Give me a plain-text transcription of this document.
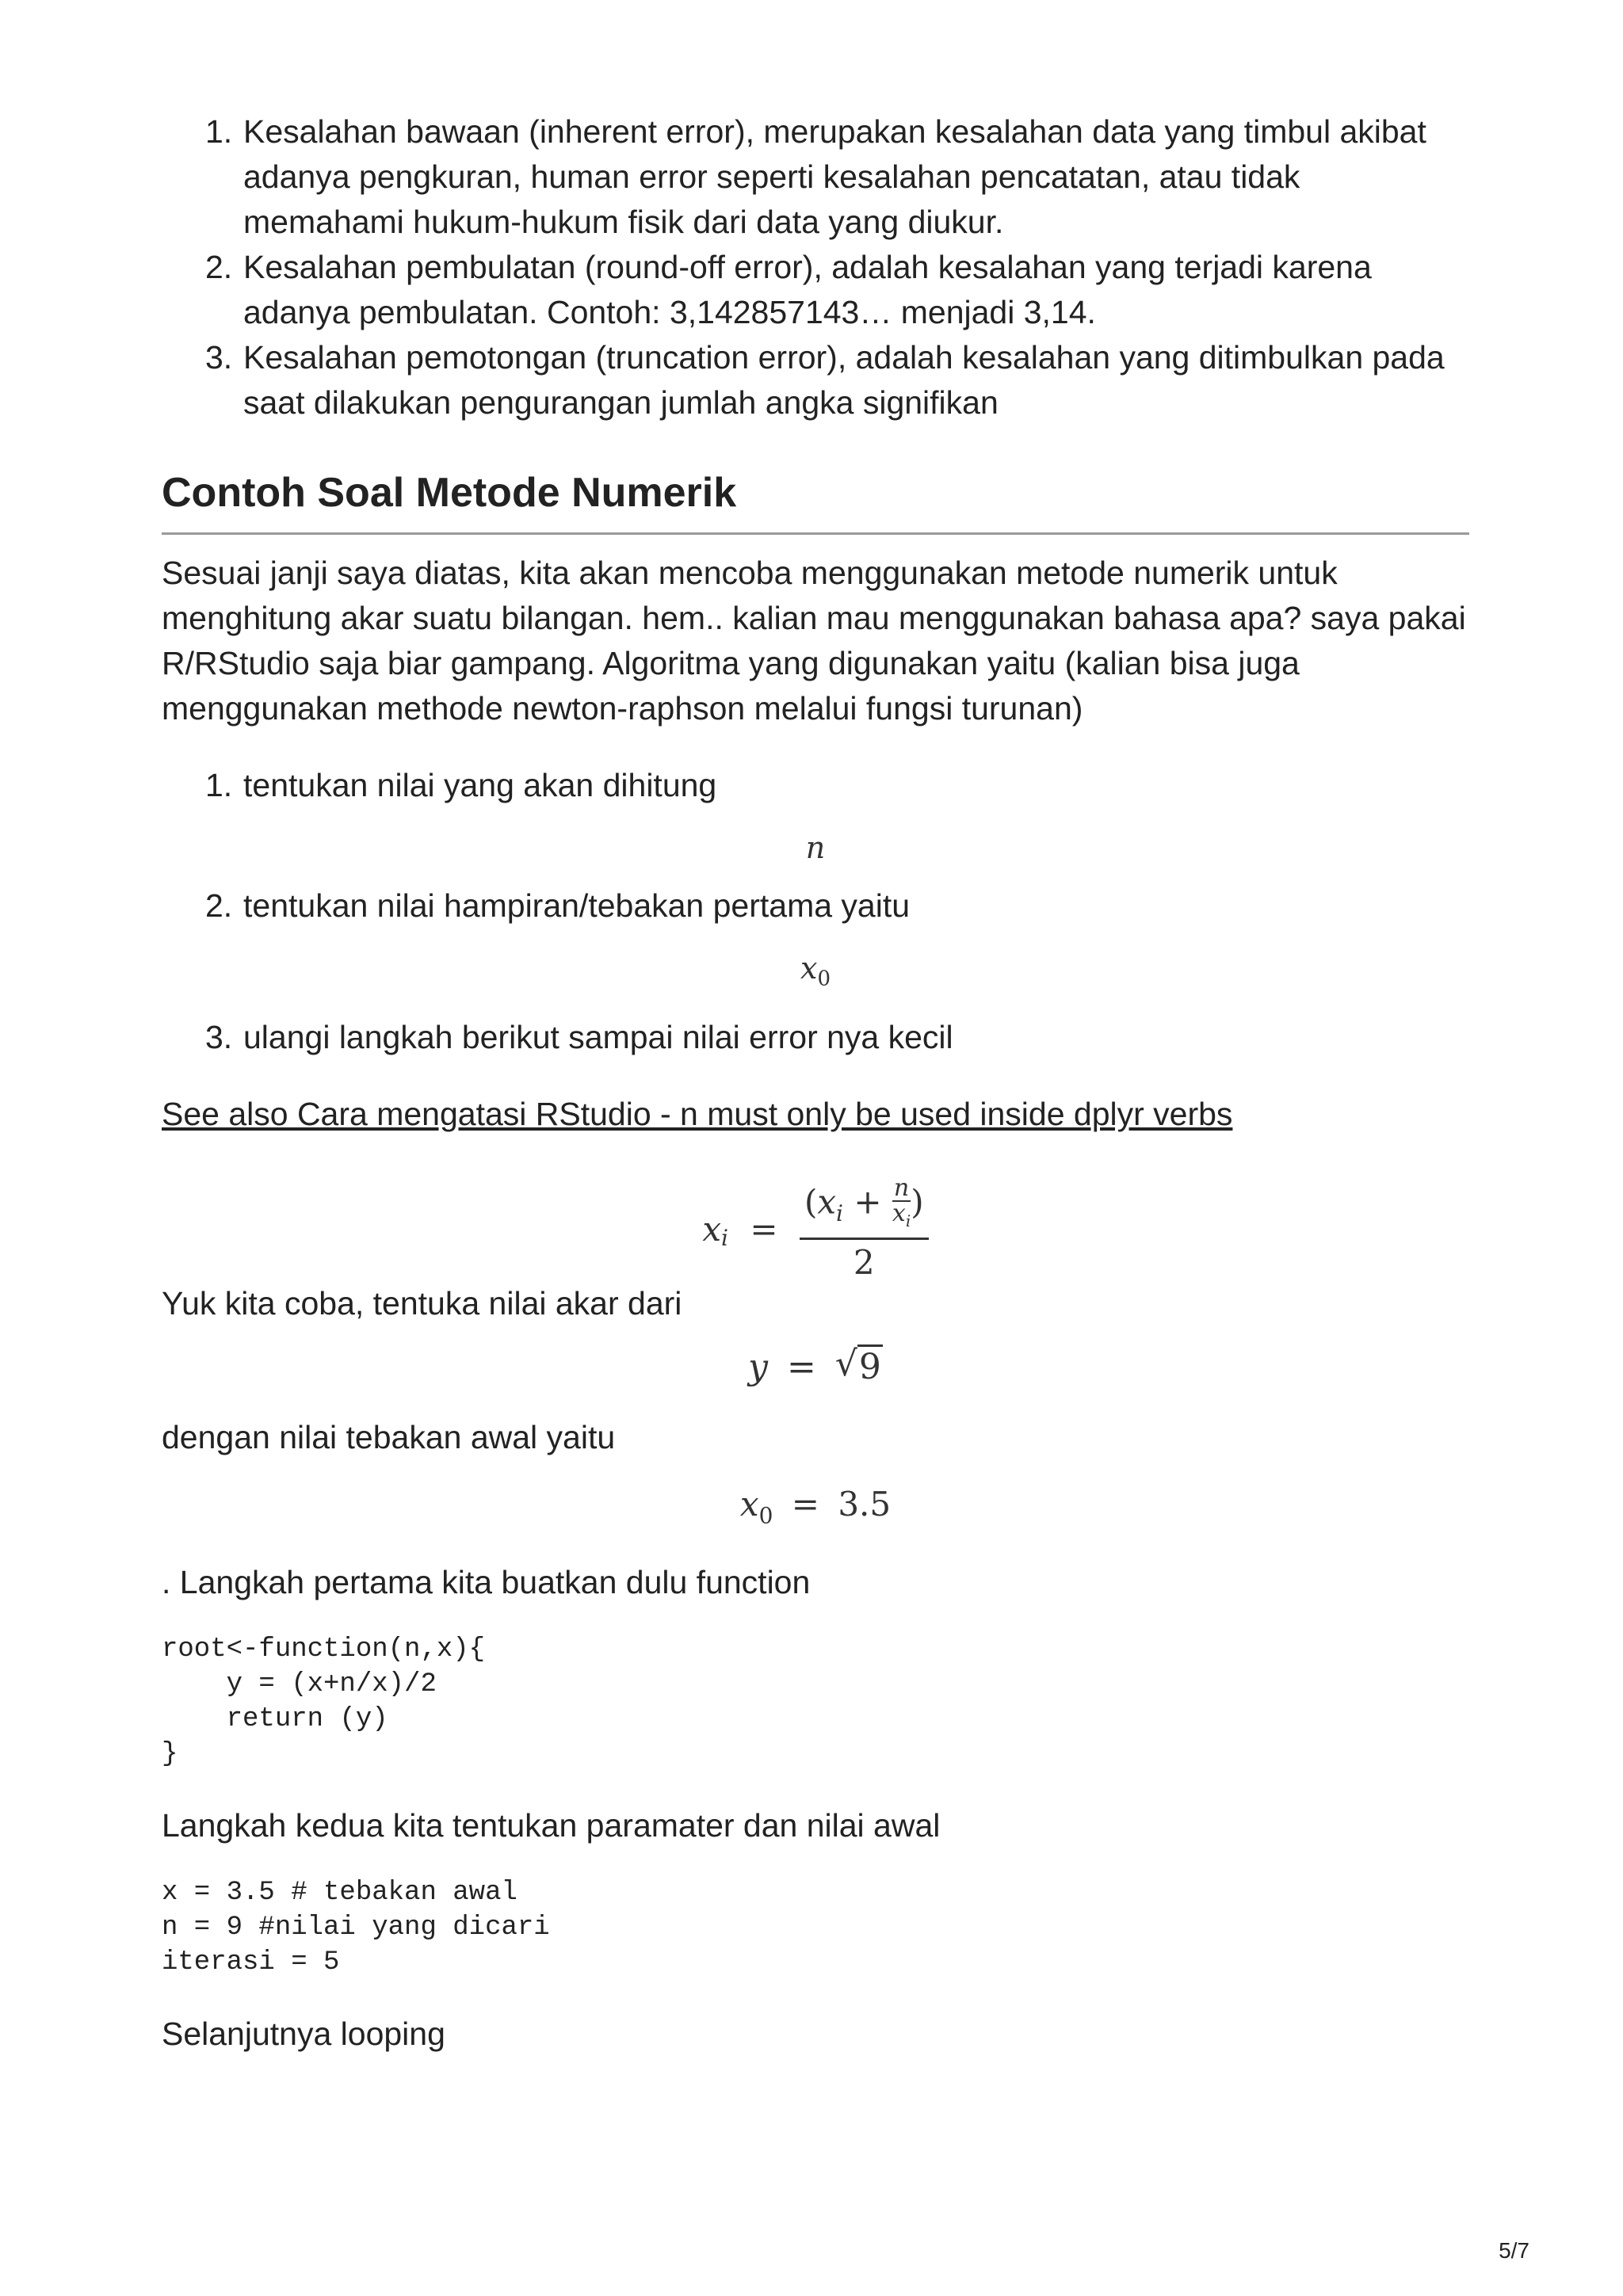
1. Kesalahan bawaan (inherent error), merupakan kesalahan data yang timbul akibat adanya pengkuran, human error seperti kesalahan pencatatan, atau tidak memahami hukum-hukum fisik dari data yang diukur.
2. Kesalahan pembulatan (round-off error), adalah kesalahan yang terjadi karena adanya pembulatan. Contoh: 3,142857143… menjadi 3,14.
3. Kesalahan pemotongan (truncation error), adalah kesalahan yang ditimbulkan pada saat dilakukan pengurangan jumlah angka signifikan
Contoh Soal Metode Numerik

Sesuai janji saya diatas, kita akan mencoba menggunakan metode numerik untuk menghitung akar suatu bilangan. hem.. kalian mau menggunakan bahasa apa? saya pakai R/RStudio saja biar gampang. Algoritma yang digunakan yaitu (kalian bisa juga menggunakan methode newton-raphson melalui fungsi turunan)

1. tentukan nilai yang akan dihitung
n
2. tentukan nilai hampiran/tebakan pertama yaitu
$x_0$
3. ulangi langkah berikut sampai nilai error nya kecil

See also Cara mengatasi RStudio - n must only be used inside dplyr verbs

$x_i = \frac{(x_i + \frac{n}{x_i})}{2}$

Yuk kita coba, tentuka nilai akar dari

y = √ 9

dengan nilai tebakan awal yaitu

$x_0 = 3.5$

. Langkah pertama kita buatkan dulu function

root<-function(n,x){
y = (x+n/x)/2
return (y)
}

Langkah kedua kita tentukan paramater dan nilai awal

x = 3.5 # tebakan awal
n = 9 #nilai yang dicari
iterasi = 5

Selanjutnya looping

5/7
